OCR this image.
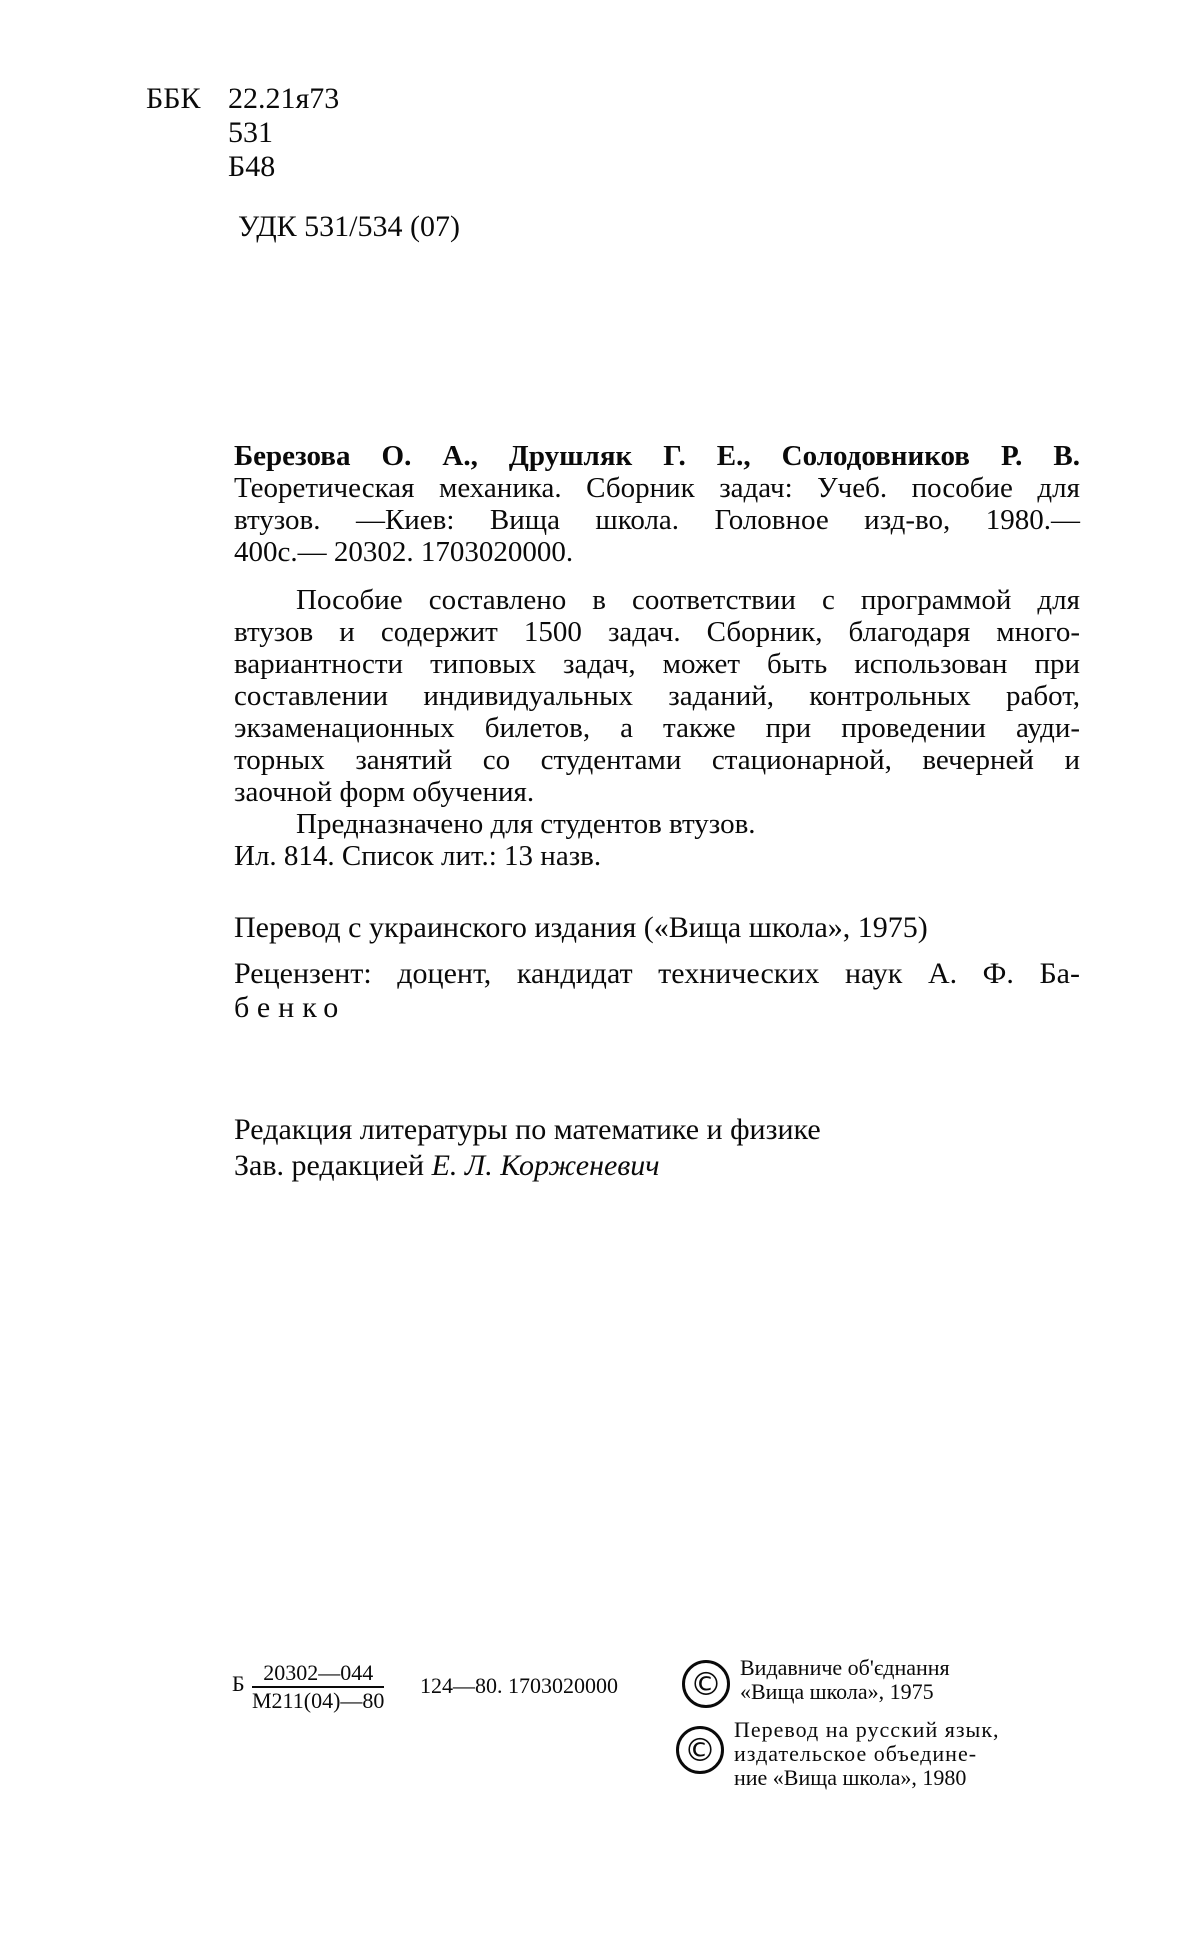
ББК 22.21я73
531
Б48
УДК 531/534 (07)
Березова О. А., Друшляк Г. Е., Солодовников Р. В.
Теоретическая механика. Сборник задач: Учеб. пособие для
втузов. —Киев: Вища школа. Головное изд-во, 1980.—
400с.— 20302. 1703020000.
Пособие составлено в соответствии с программой для
втузов и содержит 1500 задач. Сборник, благодаря много-
вариантности типовых задач, может быть использован при
составлении индивидуальных заданий, контрольных работ,
экзаменационных билетов, а также при проведении ауди-
торных занятий со студентами стационарной, вечерней и
заочной форм обучения.
Предназначено для студентов втузов.
Ил. 814. Список лит.: 13 назв.
Перевод с украинского издания («Вища школа», 1975)
Рецензент: доцент, кандидат технических наук А. Ф. Ба-
бенко
Редакция литературы по математике и физике
Зав. редакцией Е. Л. Корженевич
Б 20302—044
М211(04)—80
124—80. 1703020000 © Видавниче об'єднання
«Вища школа», 1975
©
Перевод на русский язык,
издательское объедине-
ние «Вища школа», 1980
